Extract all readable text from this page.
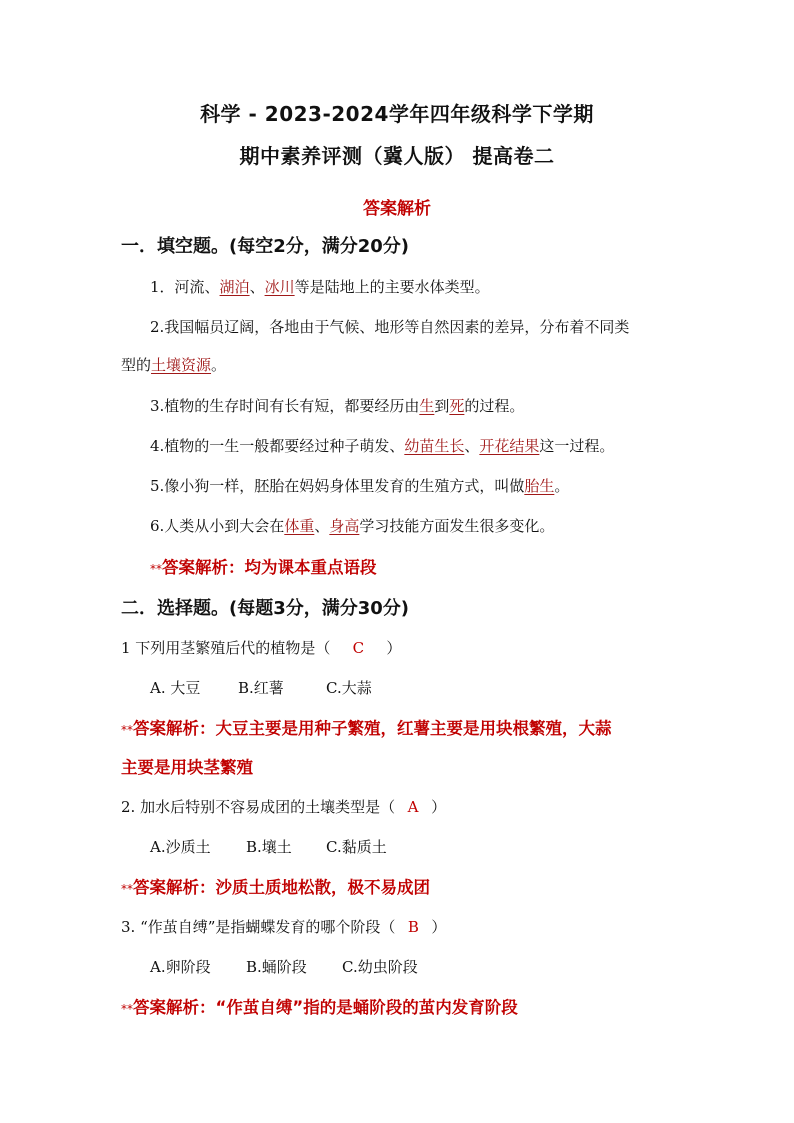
科学 - 2023-2024学年四年级科学下学期
期中素养评测（冀人版） 提高卷二
答案解析
一．填空题。(每空2分，满分20分)
1．河流、湖泊、冰川等是陆地上的主要水体类型。
2.我国幅员辽阔，各地由于气候、地形等自然因素的差异，分布着不同类
型的土壤资源。
3.植物的生存时间有长有短，都要经历由生到死的过程。
4.植物的一生一般都要经过种子萌发、幼苗生长、开花结果这一过程。
5.像小狗一样，胚胎在妈妈身体里发育的生殖方式，叫做胎生。
6.人类从小到大会在体重、身高学习技能方面发生很多变化。
**答案解析：均为课本重点语段
二．选择题。(每题3分，满分30分)
1 下列用茎繁殖后代的植物是（ C ）
A. 大豆	B.红薯	C.大蒜
**答案解析：大豆主要是用种子繁殖，红薯主要是用块根繁殖，大蒜
主要是用块茎繁殖
2. 加水后特别不容易成团的土壤类型是（ A ）
A.沙质土 B.壤土 C.黏质土
**答案解析：沙质土质地松散，极不易成团
3. “作茧自缚”是指蝴蝶发育的哪个阶段（ B ）
A.卵阶段 B.蛹阶段 C.幼虫阶段
**答案解析：“作茧自缚”指的是蛹阶段的茧内发育阶段
